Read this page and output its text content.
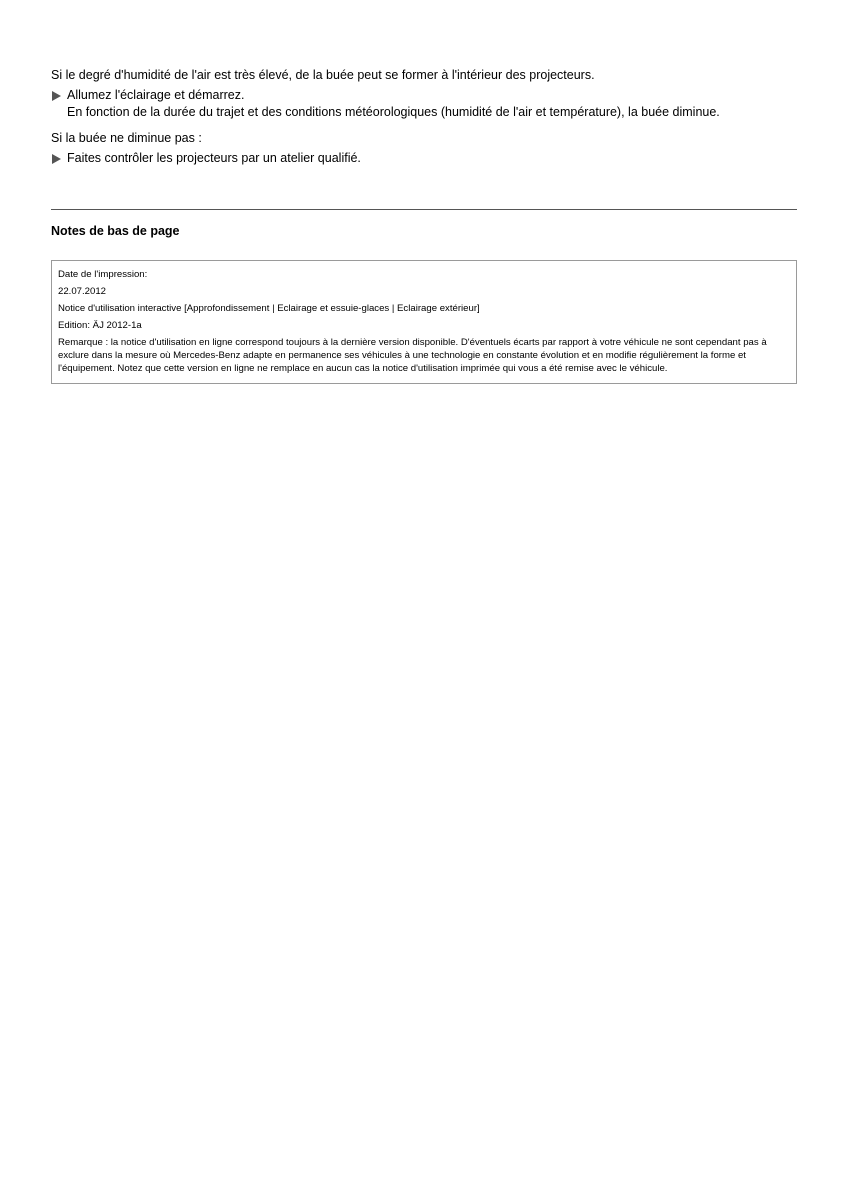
Si le degré d'humidité de l'air est très élevé, de la buée peut se former à l'intérieur des projecteurs.

Allumez l'éclairage et démarrez.
En fonction de la durée du trajet et des conditions météorologiques (humidité de l'air et température), la buée diminue.

Si la buée ne diminue pas :

Faites contrôler les projecteurs par un atelier qualifié.
Notes de bas de page

Date de l'impression:

22.07.2012

Notice d'utilisation interactive [Approfondissement | Eclairage et essuie-glaces | Eclairage extérieur]

Edition: ÄJ 2012-1a

Remarque : la notice d'utilisation en ligne correspond toujours à la dernière version disponible. D'éventuels écarts par rapport à votre véhicule ne sont cependant pas à exclure dans la mesure où Mercedes-Benz adapte en permanence ses véhicules à une technologie en constante évolution et en modifie régulièrement la forme et l'équipement. Notez que cette version en ligne ne remplace en aucun cas la notice d'utilisation imprimée qui vous a été remise avec le véhicule.
